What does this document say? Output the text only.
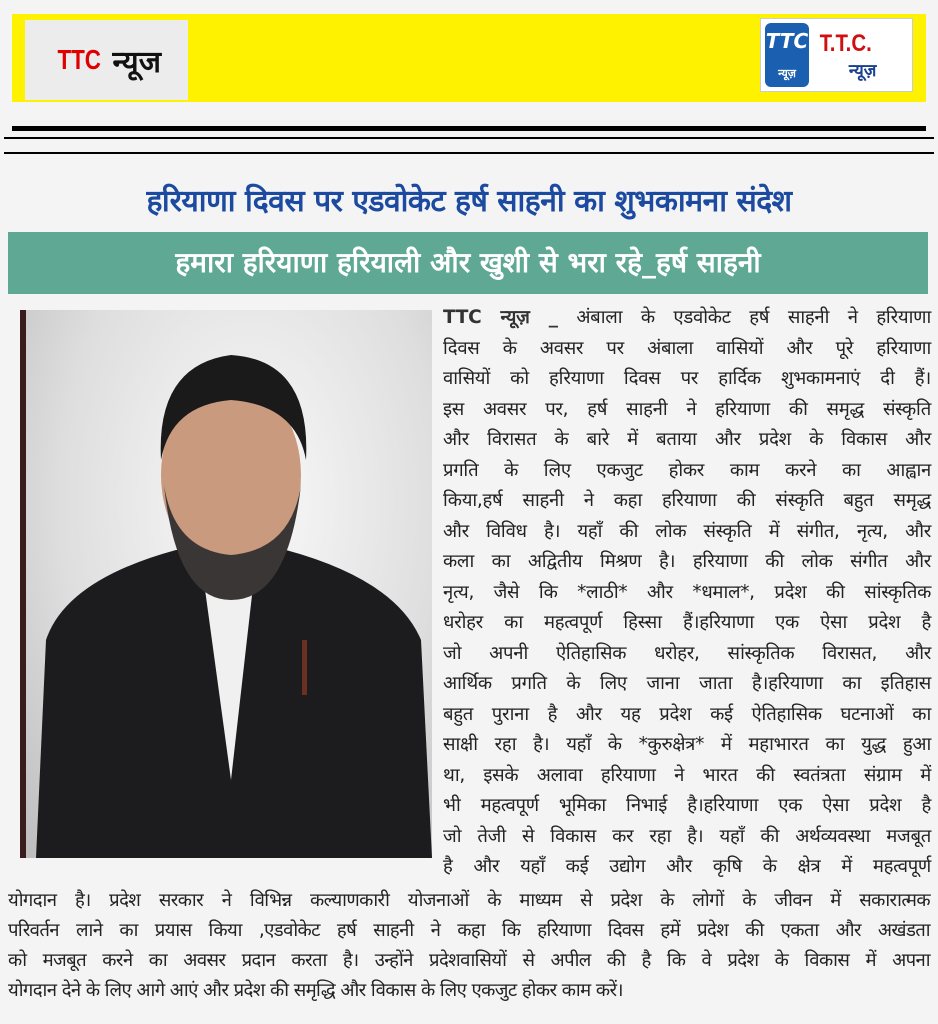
TTC न्यूज
TTC
न्यूज़
T.T.C.
न्यूज़
हरियाणा दिवस पर एडवोकेट हर्ष साहनी का शुभकामना संदेश
हमारा हरियाणा हरियाली और खुशी से भरा रहे_हर्ष साहनी
TTC न्यूज़ _ अंबाला के एडवोकेट हर्ष साहनी ने हरियाणा
दिवस के अवसर पर अंबाला वासियों और पूरे हरियाणा
वासियों को हरियाणा दिवस पर हार्दिक शुभकामनाएं दी हैं।
इस अवसर पर, हर्ष साहनी ने हरियाणा की समृद्ध संस्कृति
और विरासत के बारे में बताया और प्रदेश के विकास और
प्रगति के लिए एकजुट होकर काम करने का आह्वान
किया,हर्ष साहनी ने कहा हरियाणा की संस्कृति बहुत समृद्ध
और विविध है। यहाँ की लोक संस्कृति में संगीत, नृत्य, और
कला का अद्वितीय मिश्रण है। हरियाणा की लोक संगीत और
नृत्य, जैसे कि *लाठी* और *धमाल*, प्रदेश की सांस्कृतिक
धरोहर का महत्वपूर्ण हिस्सा हैं।हरियाणा एक ऐसा प्रदेश है
जो अपनी ऐतिहासिक धरोहर, सांस्कृतिक विरासत, और
आर्थिक प्रगति के लिए जाना जाता है।हरियाणा का इतिहास
बहुत पुराना है और यह प्रदेश कई ऐतिहासिक घटनाओं का
साक्षी रहा है। यहाँ के *कुरुक्षेत्र* में महाभारत का युद्ध हुआ
था, इसके अलावा हरियाणा ने भारत की स्वतंत्रता संग्राम में
भी महत्वपूर्ण भूमिका निभाई है।हरियाणा एक ऐसा प्रदेश है
जो तेजी से विकास कर रहा है। यहाँ की अर्थव्यवस्था मजबूत
है और यहाँ कई उद्योग और कृषि के क्षेत्र में महत्वपूर्ण
योगदान है। प्रदेश सरकार ने विभिन्न कल्याणकारी योजनाओं के माध्यम से प्रदेश के लोगों के जीवन में सकारात्मक
परिवर्तन लाने का प्रयास किया ,एडवोकेट हर्ष साहनी ने कहा कि हरियाणा दिवस हमें प्रदेश की एकता और अखंडता
को मजबूत करने का अवसर प्रदान करता है। उन्होंने प्रदेशवासियों से अपील की है कि वे प्रदेश के विकास में अपना
योगदान देने के लिए आगे आएं और प्रदेश की समृद्धि और विकास के लिए एकजुट होकर काम करें।
